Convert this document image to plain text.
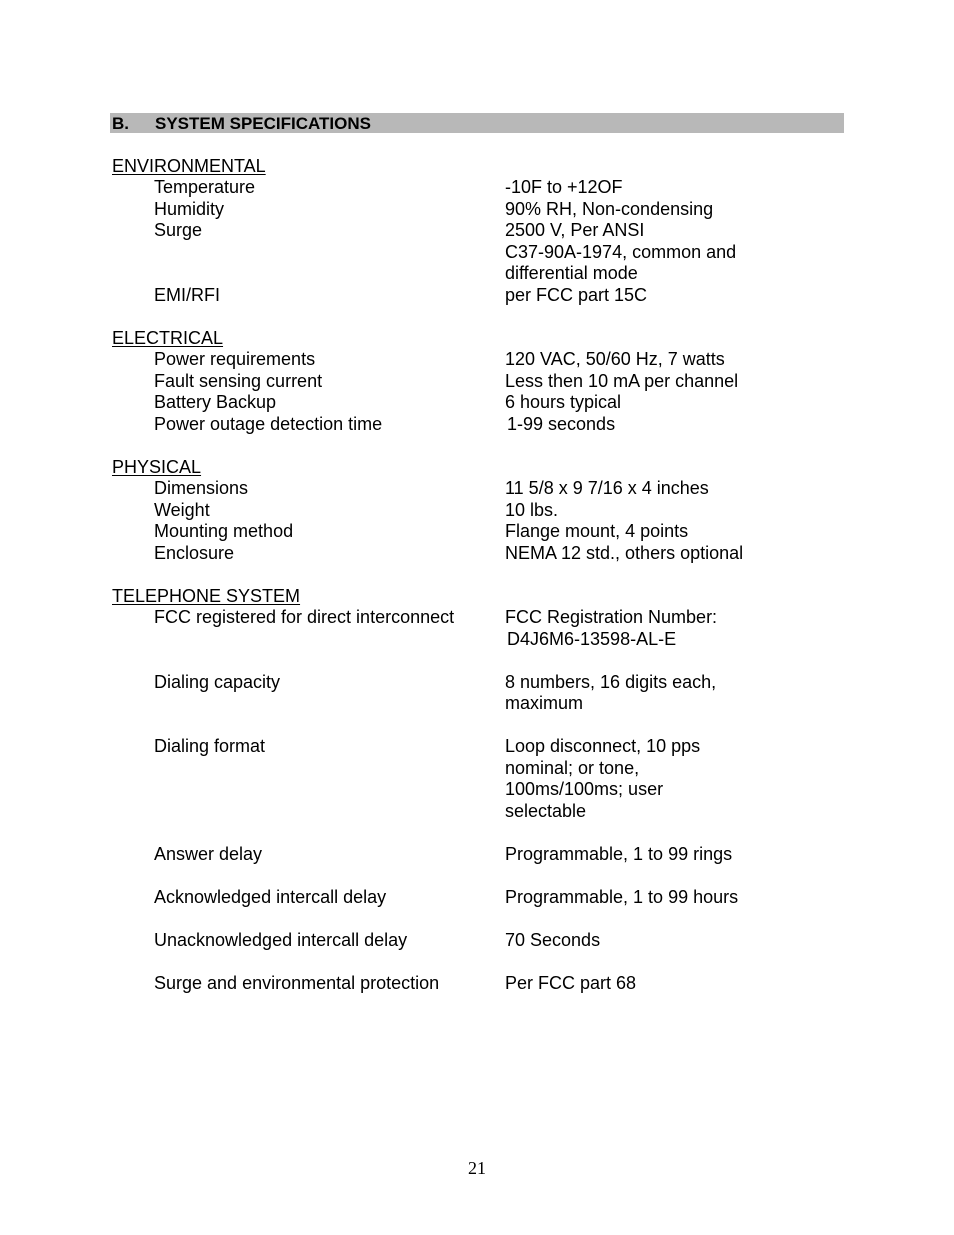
B. SYSTEM SPECIFICATIONS
ENVIRONMENTAL
Temperature	-10F to +12OF
Humidity	90% RH, Non-condensing
Surge	2500 V, Per ANSI
C37-90A-1974, common and
differential mode
EMI/RFI	per FCC part 15C
ELECTRICAL
Power requirements	120 VAC, 50/60 Hz, 7 watts
Fault sensing current	Less then 10 mA per channel
Battery Backup	6 hours typical
Power outage detection time	1-99 seconds
PHYSICAL
Dimensions	11 5/8 x 9 7/16 x 4 inches
Weight	10 lbs.
Mounting method	Flange mount, 4 points
Enclosure	NEMA 12 std., others optional
TELEPHONE SYSTEM
FCC registered for direct interconnect	FCC Registration Number:
D4J6M6-13598-AL-E
Dialing capacity	8 numbers, 16 digits each,
maximum
Dialing format	Loop disconnect, 10 pps
nominal; or tone,
100ms/100ms; user
selectable
Answer delay	Programmable, 1 to 99 rings
Acknowledged intercall delay	Programmable, 1 to 99 hours
Unacknowledged intercall delay	70 Seconds
Surge and environmental protection	Per FCC part 68
21
